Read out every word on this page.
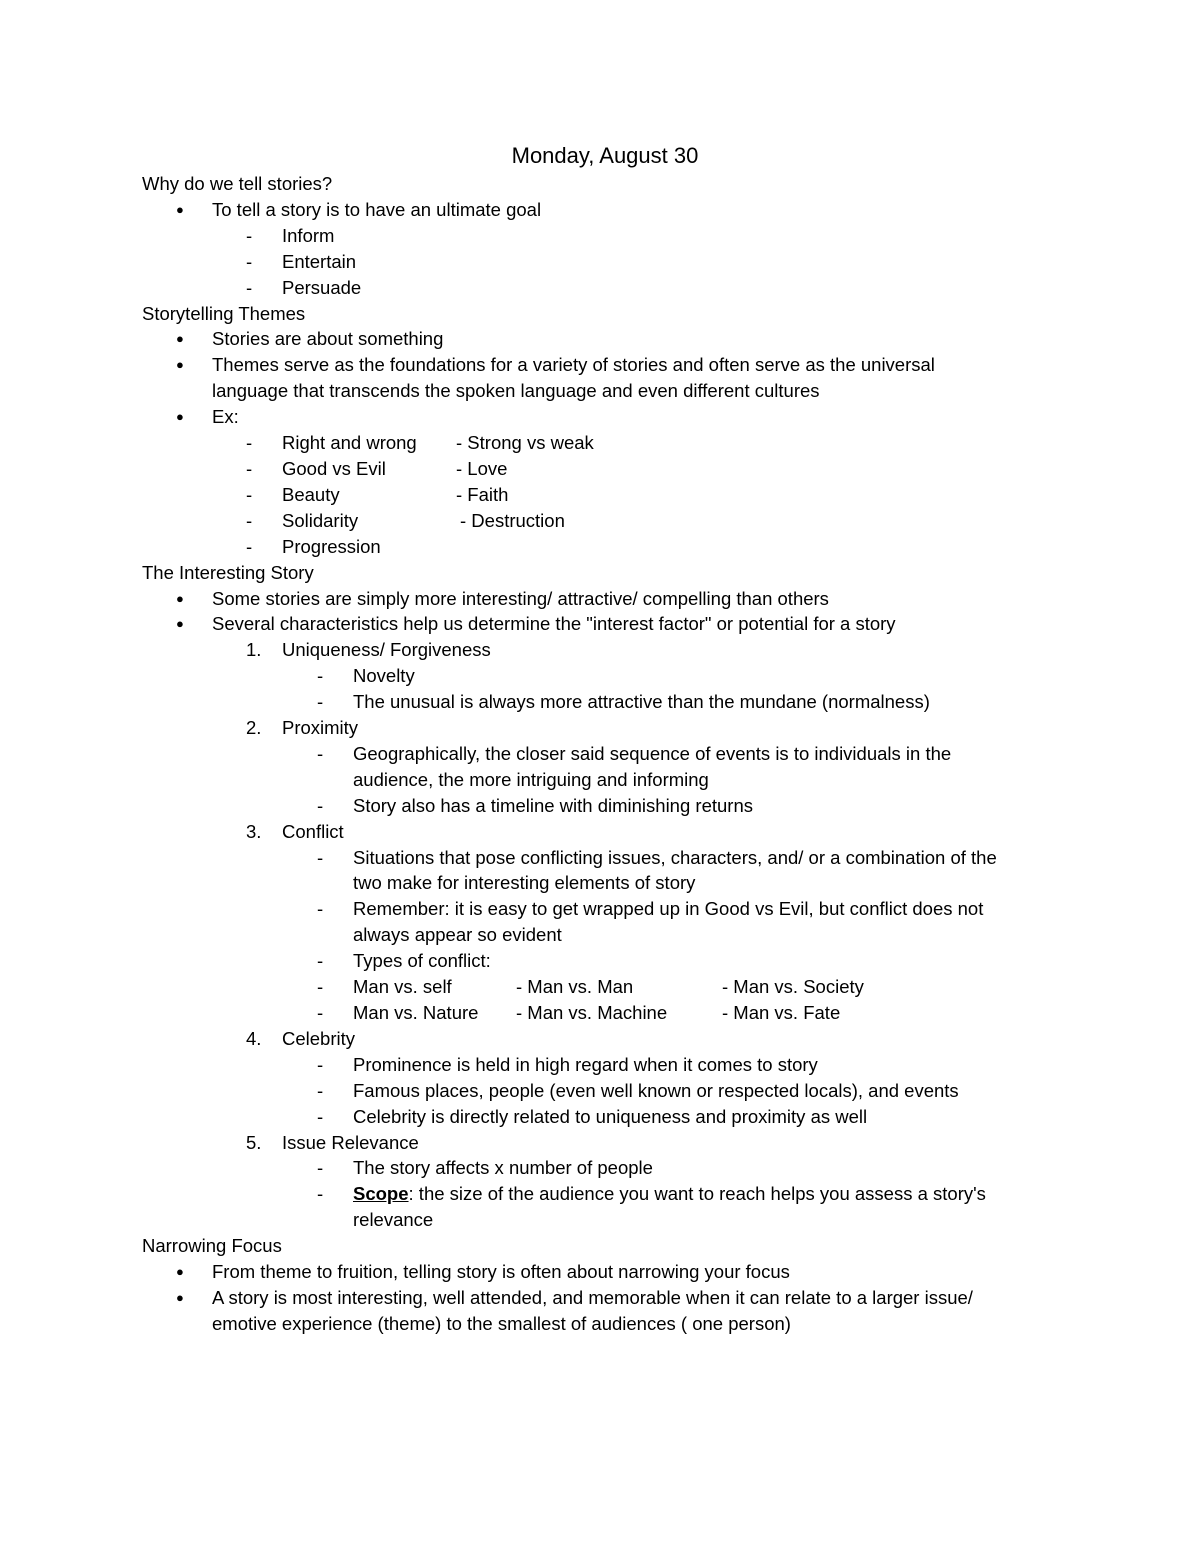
Monday, August 30
Why do we tell stories?
● To tell a story is to have an ultimate goal
- Inform
- Entertain
- Persuade
Storytelling Themes
● Stories are about something
● Themes serve as the foundations for a variety of stories and often serve as the universal
language that transcends the spoken language and even different cultures
● Ex:
- Right and wrong - Strong vs weak
- Good vs Evil	- Love
- Beauty	- Faith
- Solidarity	- Destruction
- Progression
The Interesting Story
● Some stories are simply more interesting/ attractive/ compelling than others
● Several characteristics help us determine the "interest factor" or potential for a story
1. Uniqueness/ Forgiveness
- Novelty
- The unusual is always more attractive than the mundane (normalness)
2. Proximity
- Geographically, the closer said sequence of events is to individuals in the
audience, the more intriguing and informing
- Story also has a timeline with diminishing returns
3. Conflict
- Situations that pose conflicting issues, characters, and/ or a combination of the
two make for interesting elements of story
- Remember: it is easy to get wrapped up in Good vs Evil, but conflict does not
always appear so evident
- Types of conflict:
- Man vs. self	- Man vs. Man	- Man vs. Society
- Man vs. Nature - Man vs. Machine	- Man vs. Fate
4. Celebrity
- Prominence is held in high regard when it comes to story
- Famous places, people (even well known or respected locals), and events
- Celebrity is directly related to uniqueness and proximity as well
5. Issue Relevance
- The story affects x number of people
- Scope: the size of the audience you want to reach helps you assess a story's
relevance
Narrowing Focus
● From theme to fruition, telling story is often about narrowing your focus
● A story is most interesting, well attended, and memorable when it can relate to a larger issue/
emotive experience (theme) to the smallest of audiences ( one person)
